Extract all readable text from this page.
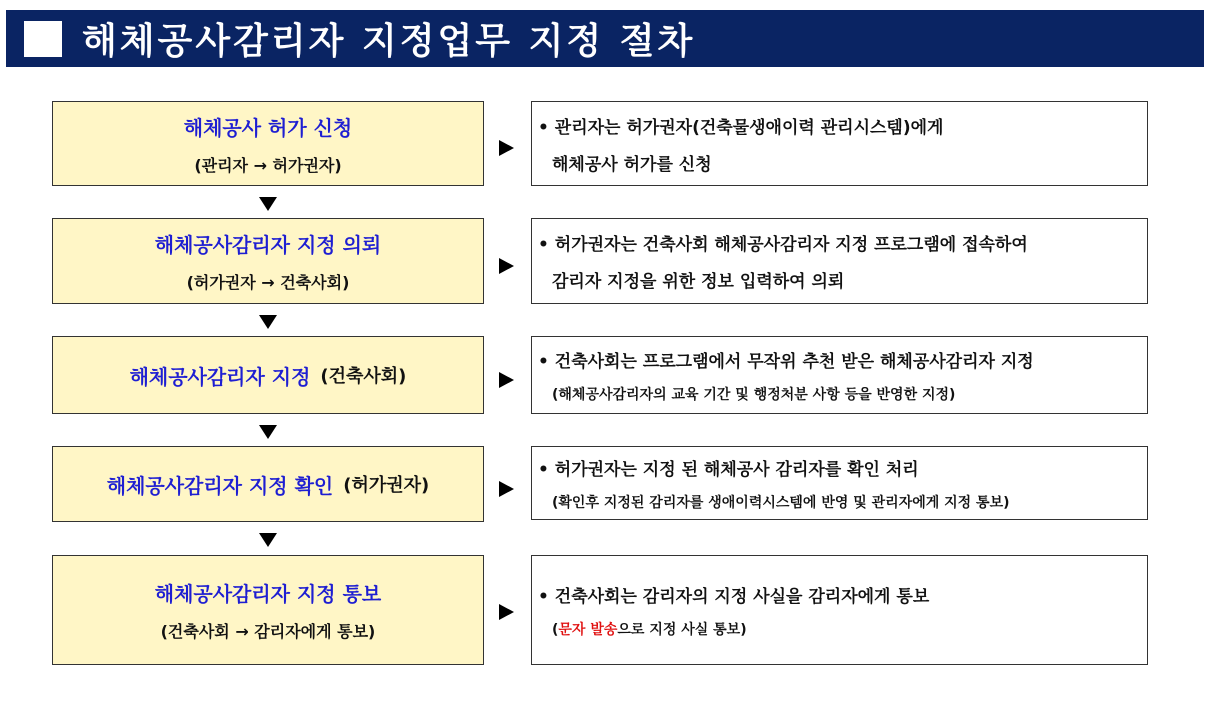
해체공사감리자 지정업무 지정 절차
해체공사 허가 신청
(관리자 → 허가권자)
• 관리자는 허가권자(건축물생애이력 관리시스템)에게
해체공사 허가를 신청
해체공사감리자 지정 의뢰
(허가권자 → 건축사회)
• 허가권자는 건축사회 해체공사감리자 지정 프로그램에 접속하여
감리자 지정을 위한 정보 입력하여 의뢰
해체공사감리자 지정 (건축사회)
• 건축사회는 프로그램에서 무작위 추천 받은 해체공사감리자 지정
(해체공사감리자의 교육 기간 및 행정처분 사항 등을 반영한 지정)
해체공사감리자 지정 확인 (허가권자)
• 허가권자는 지정 된 해체공사 감리자를 확인 처리
(확인후 지정된 감리자를 생애이력시스템에 반영 및 관리자에게 지정 통보)
해체공사감리자 지정 통보
(건축사회 → 감리자에게 통보)
• 건축사회는 감리자의 지정 사실을 감리자에게 통보
(문자 발송으로 지정 사실 통보)
